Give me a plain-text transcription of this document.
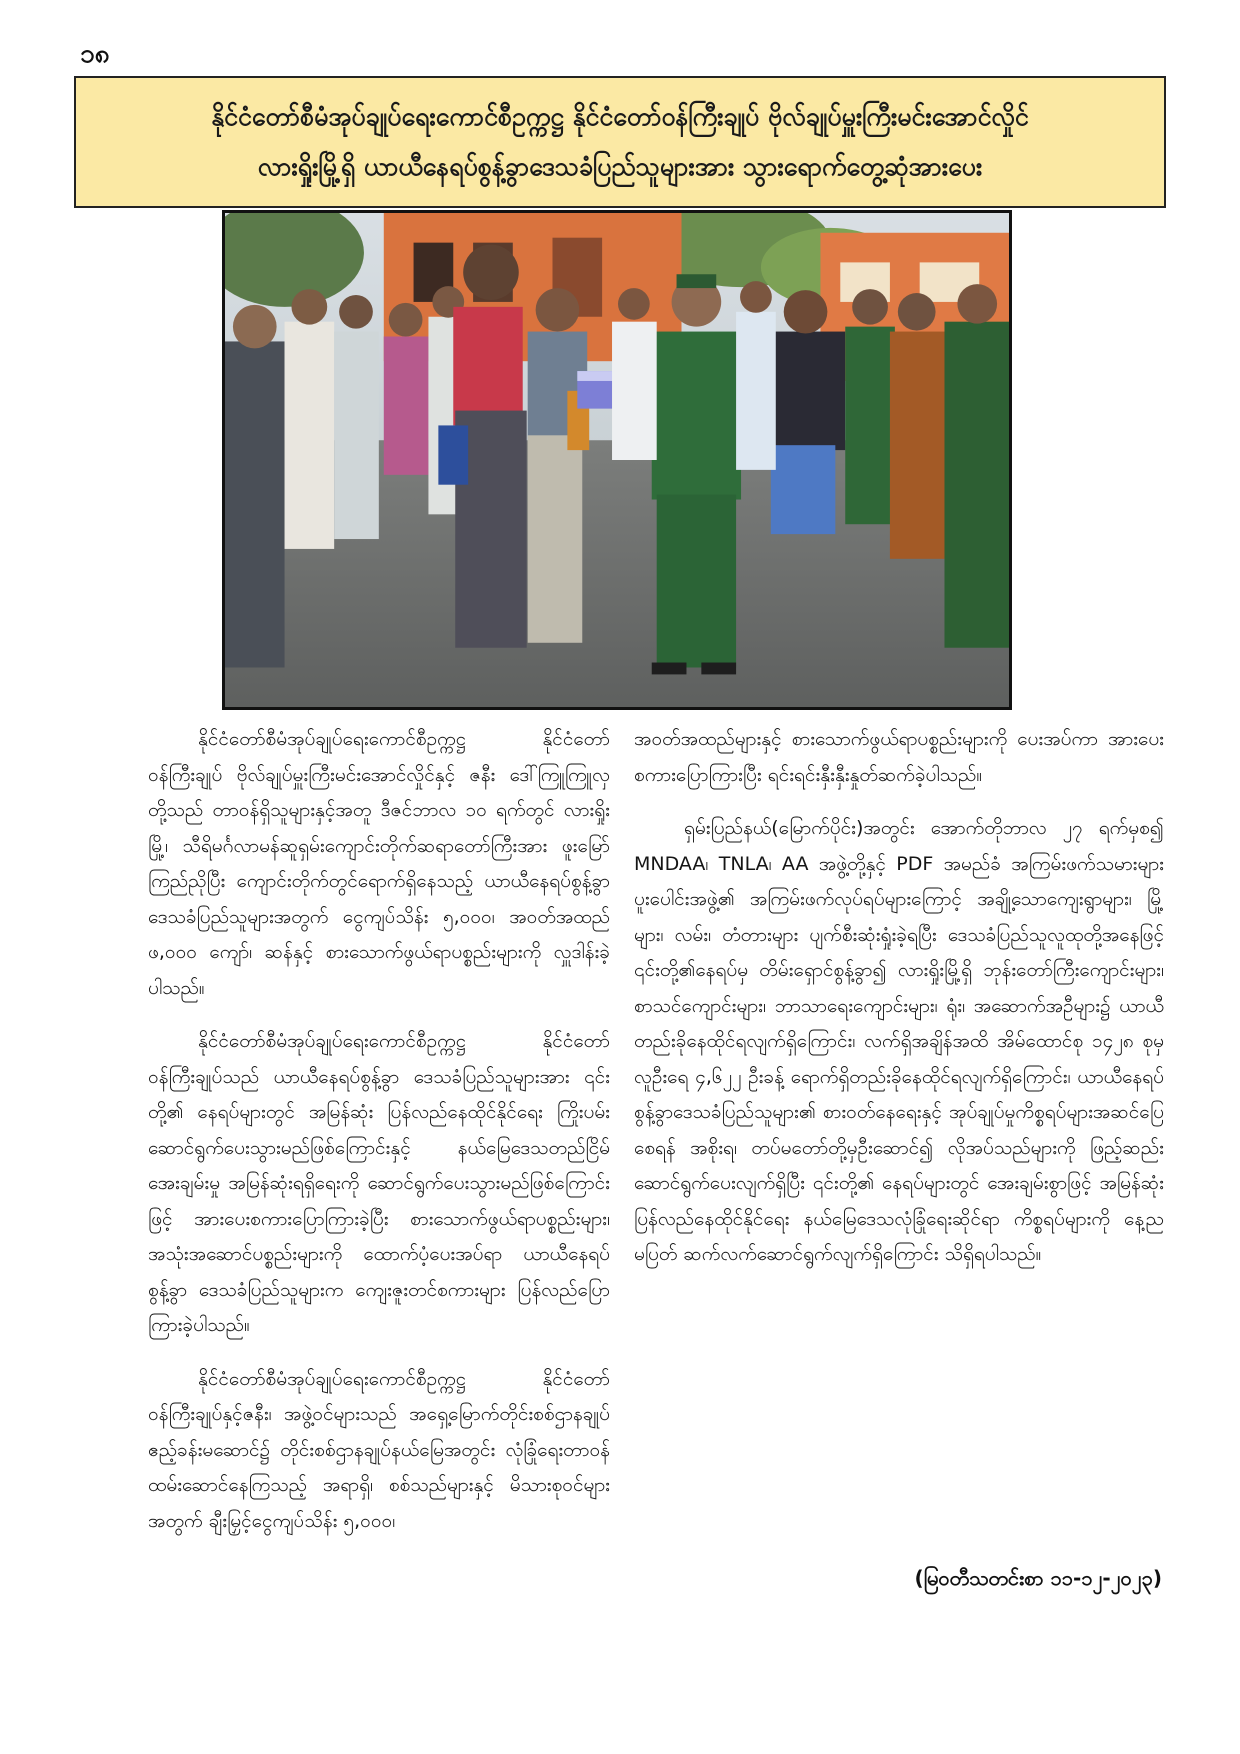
၁၈
နိုင်ငံတော်စီမံအုပ်ချုပ်ရေးကောင်စီဥက္ကဋ္ဌ နိုင်ငံတော်ဝန်ကြီးချုပ် ဗိုလ်ချုပ်မှူးကြီးမင်းအောင်လှိုင်
လားရှိုးမြို့ရှိ ယာယီနေရပ်စွန့်ခွာဒေသခံပြည်သူများအား သွားရောက်တွေ့ဆုံအားပေး

နိုင်ငံတော်စီမံအုပ်ချုပ်ရေးကောင်စီဥက္ကဋ္ဌ နိုင်ငံတော်ဝန်ကြီးချုပ် ဗိုလ်ချုပ်မှူးကြီးမင်းအောင်လှိုင်နှင့် ဇနီး ဒေါ်ကြူကြူလှတို့သည် တာဝန်ရှိသူများနှင့်အတူ ဒီဇင်ဘာလ ၁၀ ရက်တွင် လားရှိုးမြို့၊ သီရိမင်္ဂလာမန်ဆူရှမ်းကျောင်းတိုက်ဆရာတော်ကြီးအား ဖူးမြော်ကြည်ညိုပြီး ကျောင်းတိုက်တွင်ရောက်ရှိနေသည့် ယာယီနေရပ်စွန့်ခွာဒေသခံပြည်သူများအတွက် ငွေကျပ်သိန်း ၅,၀၀၀၊ အဝတ်အထည် ဖ,၀၀၀ ကျော်၊ ဆန်နှင့် စားသောက်ဖွယ်ရာပစ္စည်းများကို လှူဒါန်းခဲ့ပါသည်။

နိုင်ငံတော်စီမံအုပ်ချုပ်ရေးကောင်စီဥက္ကဋ္ဌ နိုင်ငံတော်ဝန်ကြီးချုပ်သည် ယာယီနေရပ်စွန့်ခွာ ဒေသခံပြည်သူများအား ၎င်းတို့၏ နေရပ်များတွင် အမြန်ဆုံး ပြန်လည်နေထိုင်နိုင်ရေး ကြိုးပမ်းဆောင်ရွက်ပေးသွားမည်ဖြစ်ကြောင်းနှင့် နယ်မြေဒေသတည်ငြိမ်အေးချမ်းမှု အမြန်ဆုံးရရှိရေးကို ဆောင်ရွက်ပေးသွားမည်ဖြစ်ကြောင်းဖြင့် အားပေးစကားပြောကြားခဲ့ပြီး စားသောက်ဖွယ်ရာပစ္စည်းများ၊ အသုံးအဆောင်ပစ္စည်းများကို ထောက်ပံ့ပေးအပ်ရာ ယာယီနေရပ်စွန့်ခွာ ဒေသခံပြည်သူများက ကျေးဇူးတင်စကားများ ပြန်လည်ပြောကြားခဲ့ပါသည်။

နိုင်ငံတော်စီမံအုပ်ချုပ်ရေးကောင်စီဥက္ကဋ္ဌ နိုင်ငံတော်ဝန်ကြီးချုပ်နှင့်ဇနီး၊ အဖွဲ့ဝင်များသည် အရှေ့မြောက်တိုင်းစစ်ဌာနချုပ် ဧည့်ခန်းမဆောင်၌ တိုင်းစစ်ဌာနချုပ်နယ်မြေအတွင်း လုံခြုံရေးတာဝန်ထမ်းဆောင်နေကြသည့် အရာရှိ၊ စစ်သည်များနှင့် မိသားစုဝင်များအတွက် ချီးမြှင့်ငွေကျပ်သိန်း ၅,၀၀၀၊

အဝတ်အထည်များနှင့် စားသောက်ဖွယ်ရာပစ္စည်းများကို ပေးအပ်ကာ အားပေးစကားပြောကြားပြီး ရင်းရင်းနှီးနှီးနှုတ်ဆက်ခဲ့ပါသည်။

ရှမ်းပြည်နယ်(မြောက်ပိုင်း)အတွင်း အောက်တိုဘာလ ၂၇ ရက်မှစ၍ MNDAA၊ TNLA၊ AA အဖွဲ့တို့နှင့် PDF အမည်ခံ အကြမ်းဖက်သမားများ ပူးပေါင်းအဖွဲ့၏ အကြမ်းဖက်လုပ်ရပ်များကြောင့် အချို့သောကျေးရွာများ၊ မြို့များ၊ လမ်း၊ တံတားများ ပျက်စီးဆုံးရှုံးခဲ့ရပြီး ဒေသခံပြည်သူလူထုတို့အနေဖြင့် ၎င်းတို့၏နေရပ်မှ တိမ်းရှောင်စွန့်ခွာ၍ လားရှိုးမြို့ရှိ ဘုန်းတော်ကြီးကျောင်းများ၊ စာသင်ကျောင်းများ၊ ဘာသာရေးကျောင်းများ၊ ရုံး၊ အဆောက်အဦများ၌ ယာယီတည်းခိုနေထိုင်ရလျက်ရှိကြောင်း၊ လက်ရှိအချိန်အထိ အိမ်ထောင်စု ၁၄၂၈ စုမှ လူဦးရေ ၄,၆၂၂ ဦးခန့် ရောက်ရှိတည်းခိုနေထိုင်ရလျက်ရှိကြောင်း၊ ယာယီနေရပ်စွန့်ခွာဒေသခံပြည်သူများ၏ စားဝတ်နေရေးနှင့် အုပ်ချုပ်မှုကိစ္စရပ်များအဆင်ပြေစေရန် အစိုးရ၊ တပ်မတော်တို့မှဦးဆောင်၍ လိုအပ်သည်များကို ဖြည့်ဆည်းဆောင်ရွက်ပေးလျက်ရှိပြီး ၎င်းတို့၏ နေရပ်များတွင် အေးချမ်းစွာဖြင့် အမြန်ဆုံးပြန်လည်နေထိုင်နိုင်ရေး နယ်မြေဒေသလုံခြုံရေးဆိုင်ရာ ကိစ္စရပ်များကို နေ့ညမပြတ် ဆက်လက်ဆောင်ရွက်လျက်ရှိကြောင်း သိရှိရပါသည်။

(မြဝတီသတင်းစာ ၁၁-၁၂-၂၀၂၃)
